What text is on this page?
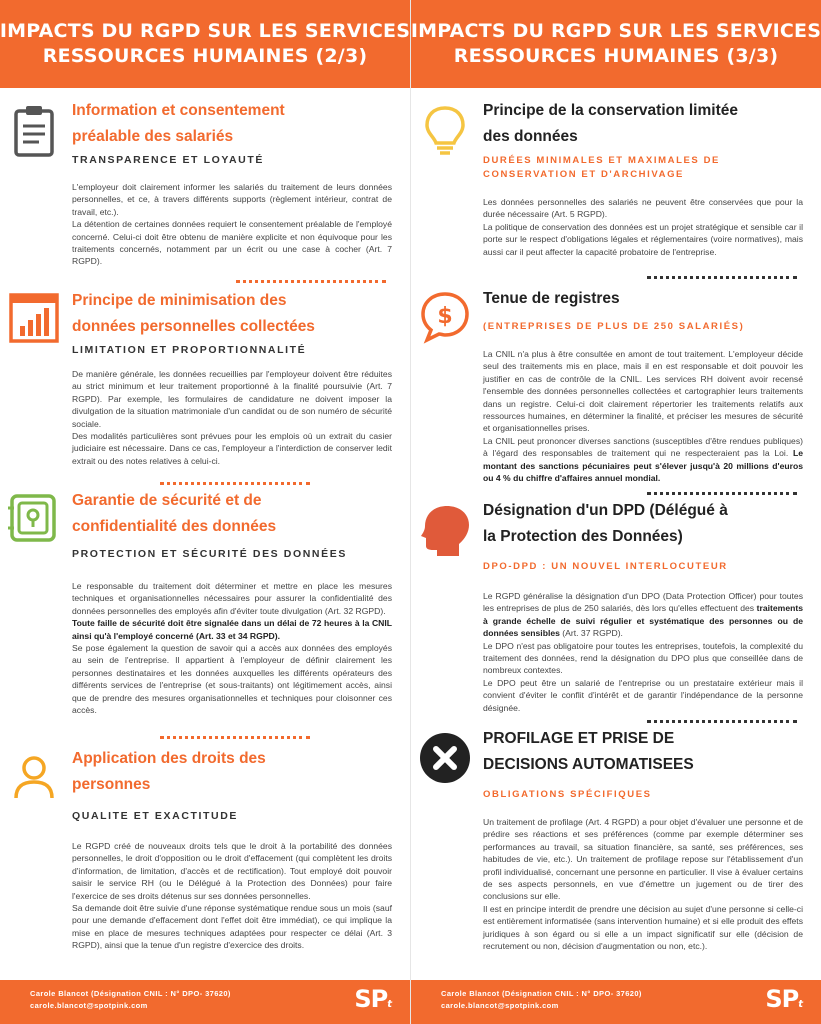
IMPACTS DU RGPD SUR LES SERVICES
RESSOURCES HUMAINES (2/3)
Information et consentement
préalable des salariés
TRANSPARENCE ET LOYAUTÉ

L'employeur doit clairement informer les salariés du traitement de leurs données personnelles, et ce, à travers différents supports (règlement intérieur, contrat de travail, etc.).

La détention de certaines données requiert le consentement préalable de l'employé concerné. Celui-ci doit être obtenu de manière explicite et non équivoque pour les traitements concernés, notamment par un écrit ou une case à cocher (Art. 7 RGPD).

Principe de minimisation des
données personnelles collectées
LIMITATION ET PROPORTIONNALITÉ

De manière générale, les données recueillies par l'employeur doivent être réduites au strict minimum et leur traitement proportionné à la finalité poursuivie (Art. 7 RGPD). Par exemple, les formulaires de candidature ne doivent imposer la divulgation de la situation matrimoniale d'un candidat ou de son numéro de sécurité sociale.

Des modalités particulières sont prévues pour les emplois où un extrait du casier judiciaire est nécessaire. Dans ce cas, l'employeur a l'interdiction de conserver ledit extrait ou des notes relatives à celui-ci.

Garantie de sécurité et de
confidentialité des données
PROTECTION ET SÉCURITÉ DES DONNÉES

Le responsable du traitement doit déterminer et mettre en place les mesures techniques et organisationnelles nécessaires pour assurer la confidentialité des données personnelles des employés afin d'éviter toute divulgation (Art. 32 RGPD).

Toute faille de sécurité doit être signalée dans un délai de 72 heures à la CNIL ainsi qu'à l'employé concerné (Art. 33 et 34 RGPD).

Se pose également la question de savoir qui a accès aux données des employés au sein de l'entreprise. Il appartient à l'employeur de définir clairement les personnes destinataires et les données auxquelles les différents opérateurs des différents services de l'entreprise (et sous-traitants) ont légitimement accès, ainsi que de prendre des mesures organisationnelles et techniques pour cloisonner ces accès.

Application des droits des
personnes
QUALITE ET EXACTITUDE

Le RGPD créé de nouveaux droits tels que le droit à la portabilité des données personnelles, le droit d'opposition ou le droit d'effacement (qui complètent les droits d'information, de limitation, d'accès et de rectification). Tout employé doit pouvoir saisir le service RH (ou le Délégué à la Protection des Données) pour faire l'exercice de ses droits détenus sur ses données personnelles.

Sa demande doit être suivie d'une réponse systématique rendue sous un mois (sauf pour une demande d'effacement dont l'effet doit être immédiat), ce qui implique la mise en place de mesures techniques adaptées pour respecter ce délai (Art. 3 RGPD), ainsi que la tenue d'un registre d'exercice des droits.

Carole Blancot (Désignation CNIL : N° DPO- 37620)
carole.blancot@spotpink.com	SPt
IMPACTS DU RGPD SUR LES SERVICES
RESSOURCES HUMAINES (3/3)
Principe de la conservation limitée
des données
DURÉES MINIMALES ET MAXIMALES DE
CONSERVATION ET D'ARCHIVAGE

Les données personnelles des salariés ne peuvent être conservées que pour la durée nécessaire (Art. 5 RGPD).

La politique de conservation des données est un projet stratégique et sensible car il porte sur le respect d'obligations légales et réglementaires (voire normatives), mais aussi car il peut affecter la capacité probatoire de l'entreprise.

$
Tenue de registres
(ENTREPRISES DE PLUS DE 250 SALARIÉS)

La CNIL n'a plus à être consultée en amont de tout traitement. L'employeur décide seul des traitements mis en place, mais il en est responsable et doit pouvoir les justifier en cas de contrôle de la CNIL. Les services RH doivent avoir recensé l'ensemble des données personnelles collectées et cartographier leurs traitements dans un registre. Celui-ci doit clairement répertorier les traitements relatifs aux ressources humaines, en déterminer la finalité, et préciser les mesures de sécurité et organisationnelles prises.

La CNIL peut prononcer diverses sanctions (susceptibles d'être rendues publiques) à l'égard des responsables de traitement qui ne respecteraient pas la Loi. Le montant des sanctions pécuniaires peut s'élever jusqu'à 20 millions d'euros ou 4 % du chiffre d'affaires annuel mondial.

Désignation d'un DPD (Délégué à
la Protection des Données)
DPO-DPD : UN NOUVEL INTERLOCUTEUR

Le RGPD généralise la désignation d'un DPO (Data Protection Officer) pour toutes les entreprises de plus de 250 salariés, dès lors qu'elles effectuent des traitements à grande échelle de suivi régulier et systématique des personnes ou de données sensibles (Art. 37 RGPD).

Le DPO n'est pas obligatoire pour toutes les entreprises, toutefois, la complexité du traitement des données, rend la désignation du DPO plus que conseillée dans de nombreux contextes.

Le DPO peut être un salarié de l'entreprise ou un prestataire extérieur mais il convient d'éviter le conflit d'intérêt et de garantir l'indépendance de la personne désignée.

PROFILAGE ET PRISE DE
DECISIONS AUTOMATISEES
OBLIGATIONS SPÉCIFIQUES

Un traitement de profilage (Art. 4 RGPD) a pour objet d'évaluer une personne et de prédire ses réactions et ses préférences (comme par exemple déterminer ses performances au travail, sa situation financière, sa santé, ses préférences, ses habitudes de vie, etc.). Un traitement de profilage repose sur l'établissement d'un profil individualisé, concernant une personne en particulier. Il vise à évaluer certains de ses aspects personnels, en vue d'émettre un jugement ou de tirer des conclusions sur elle.

Il est en principe interdit de prendre une décision au sujet d'une personne si celle-ci est entièrement informatisée (sans intervention humaine) et si elle produit des effets juridiques à son égard ou si elle a un impact significatif sur elle (décision de recrutement ou non, décision d'augmentation ou non, etc.).

Carole Blancot (Désignation CNIL : N° DPO- 37620)
carole.blancot@spotpink.com	SPt
